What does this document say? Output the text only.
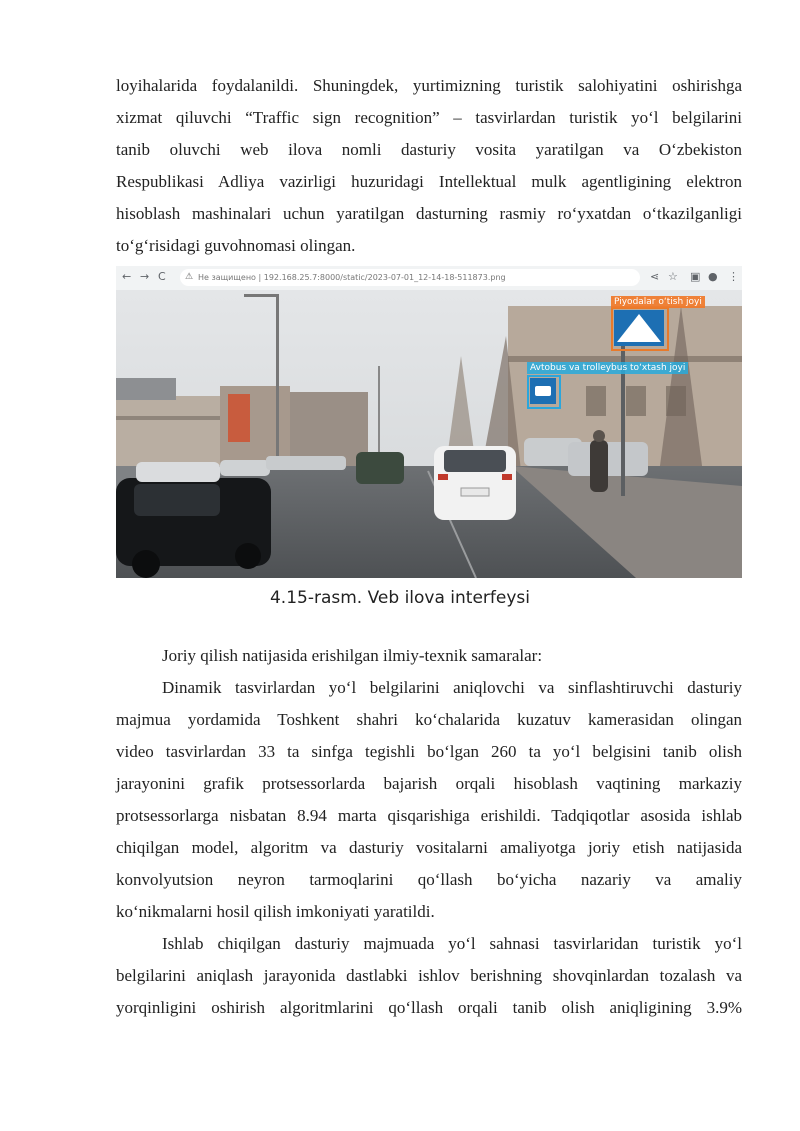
loyihalarida foydalanildi. Shuningdek, yurtimizning turistik salohiyatini oshirishga
xizmat qiluvchi “Traffic sign recognition” – tasvirlardan turistik yo‘l belgilarini
tanib oluvchi web ilova nomli dasturiy vosita yaratilgan va O‘zbekiston
Respublikasi Adliya vazirligi huzuridagi Intellektual mulk agentligining elektron
hisoblash mashinalari uchun yaratilgan dasturning rasmiy ro‘yxatdan o‘tkazilganligi
to‘g‘risidagi guvohnomasi olingan.
← → C ⚠ Не защищено | 192.168.25.7:8000/static/2023-07-01_12-14-18-511873.png	⋖ ☆ ▣ ● ⋮
Piyodalar o‘tish joyi
Avtobus va trolleybus to‘xtash joyi

4.15-rasm. Veb ilova interfeysi

Joriy qilish natijasida erishilgan ilmiy-texnik samaralar:
Dinamik tasvirlardan yo‘l belgilarini aniqlovchi va sinflashtiruvchi dasturiy
majmua yordamida Toshkent shahri ko‘chalarida kuzatuv kamerasidan olingan
video tasvirlardan 33 ta sinfga tegishli bo‘lgan 260 ta yo‘l belgisini tanib olish
jarayonini grafik protsessorlarda bajarish orqali hisoblash vaqtining markaziy
protsessorlarga nisbatan 8.94 marta qisqarishiga erishildi. Tadqiqotlar asosida ishlab
chiqilgan model, algoritm va dasturiy vositalarni amaliyotga joriy etish natijasida
konvolyutsion neyron tarmoqlarini qo‘llash bo‘yicha nazariy va amaliy
ko‘nikmalarni hosil qilish imkoniyati yaratildi.
Ishlab chiqilgan dasturiy majmuada yo‘l sahnasi tasvirlaridan turistik yo‘l
belgilarini aniqlash jarayonida dastlabki ishlov berishning shovqinlardan tozalash va
yorqinligini oshirish algoritmlarini qo‘llash orqali tanib olish aniqligining 3.9%
